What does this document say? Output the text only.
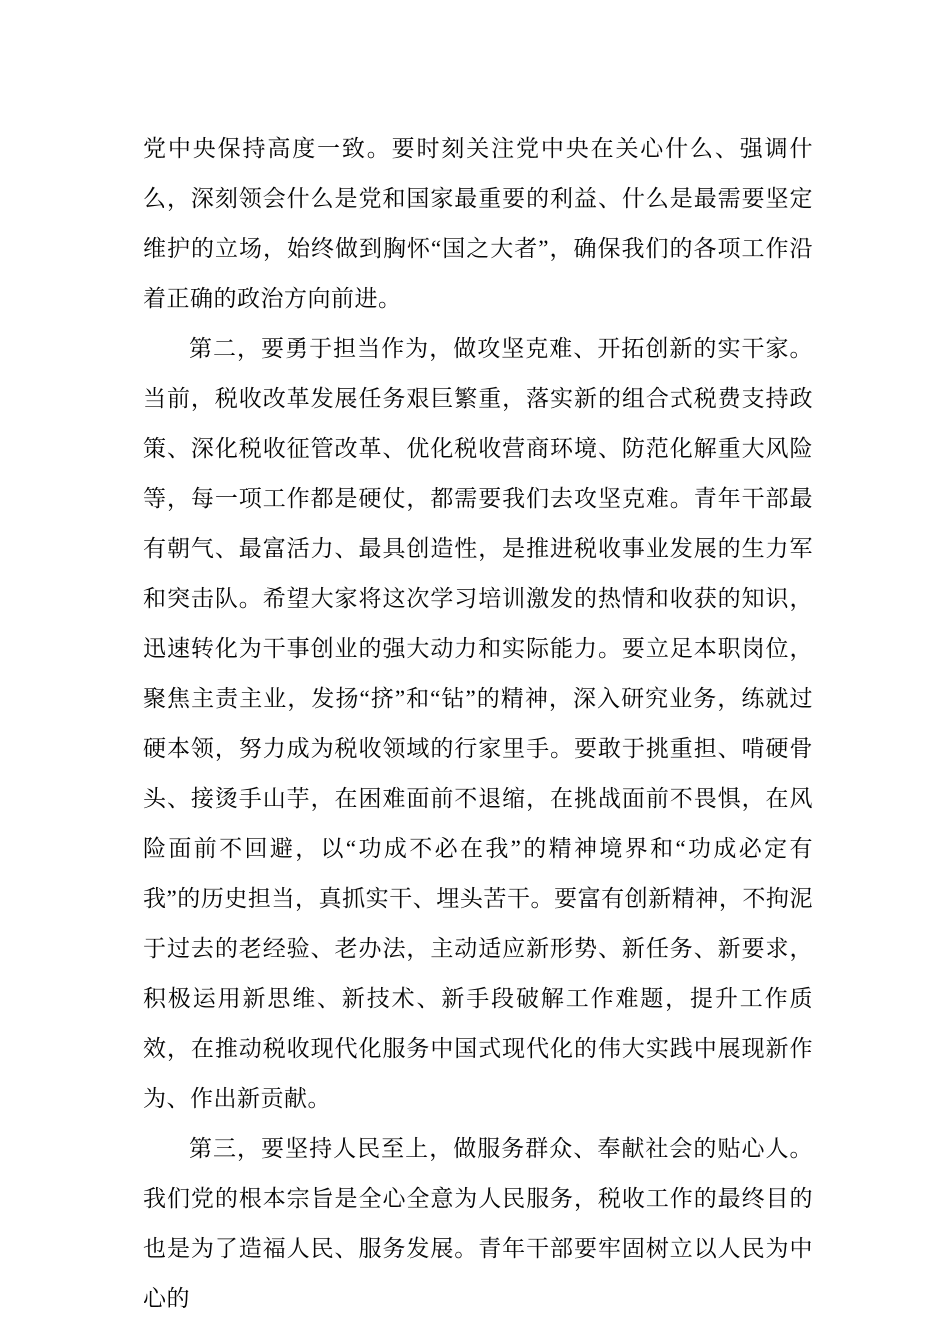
党中央保持高度一致。要时刻关注党中央在关心什么、强调什么，深刻领会什么是党和国家最重要的利益、什么是最需要坚定维护的立场，始终做到胸怀“国之大者”，确保我们的各项工作沿着正确的政治方向前进。

第二，要勇于担当作为，做攻坚克难、开拓创新的实干家。当前，税收改革发展任务艰巨繁重，落实新的组合式税费支持政策、深化税收征管改革、优化税收营商环境、防范化解重大风险等，每一项工作都是硬仗，都需要我们去攻坚克难。青年干部最有朝气、最富活力、最具创造性，是推进税收事业发展的生力军和突击队。希望大家将这次学习培训激发的热情和收获的知识，迅速转化为干事创业的强大动力和实际能力。要立足本职岗位，聚焦主责主业，发扬“挤”和“钻”的精神，深入研究业务，练就过硬本领，努力成为税收领域的行家里手。要敢于挑重担、啃硬骨头、接烫手山芋，在困难面前不退缩，在挑战面前不畏惧，在风险面前不回避，以“功成不必在我”的精神境界和“功成必定有我”的历史担当，真抓实干、埋头苦干。要富有创新精神，不拘泥于过去的老经验、老办法，主动适应新形势、新任务、新要求，积极运用新思维、新技术、新手段破解工作难题，提升工作质效，在推动税收现代化服务中国式现代化的伟大实践中展现新作为、作出新贡献。

第三，要坚持人民至上，做服务群众、奉献社会的贴心人。我们党的根本宗旨是全心全意为人民服务，税收工作的最终目的也是为了造福人民、服务发展。青年干部要牢固树立以人民为中心的
